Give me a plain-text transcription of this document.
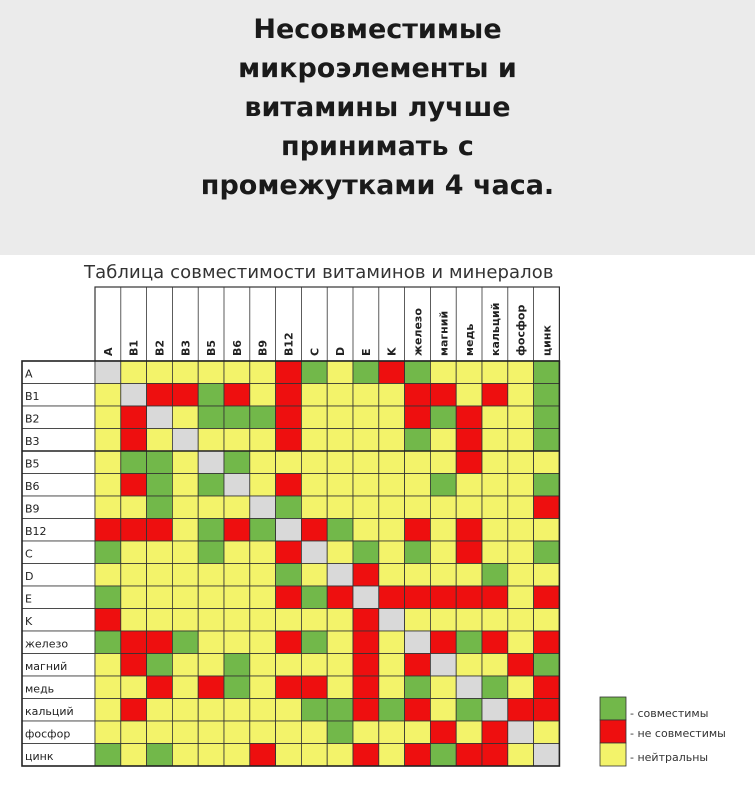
Несовместимые
микроэлементы и
витамины лучше
принимать с
промежутками 4 часа.
Таблица совместимости витаминов и минералов
A B1 B2 B3 B5 B6 B9 B12 C D E K железо магний медь кальций фосфор цинк
A
B1
B2
B3
B5
B6
B9
B12
C
D
E
K
железо
магний
медь
кальций
фосфор
цинк
- совместимы
- не совместимы
- нейтральны
